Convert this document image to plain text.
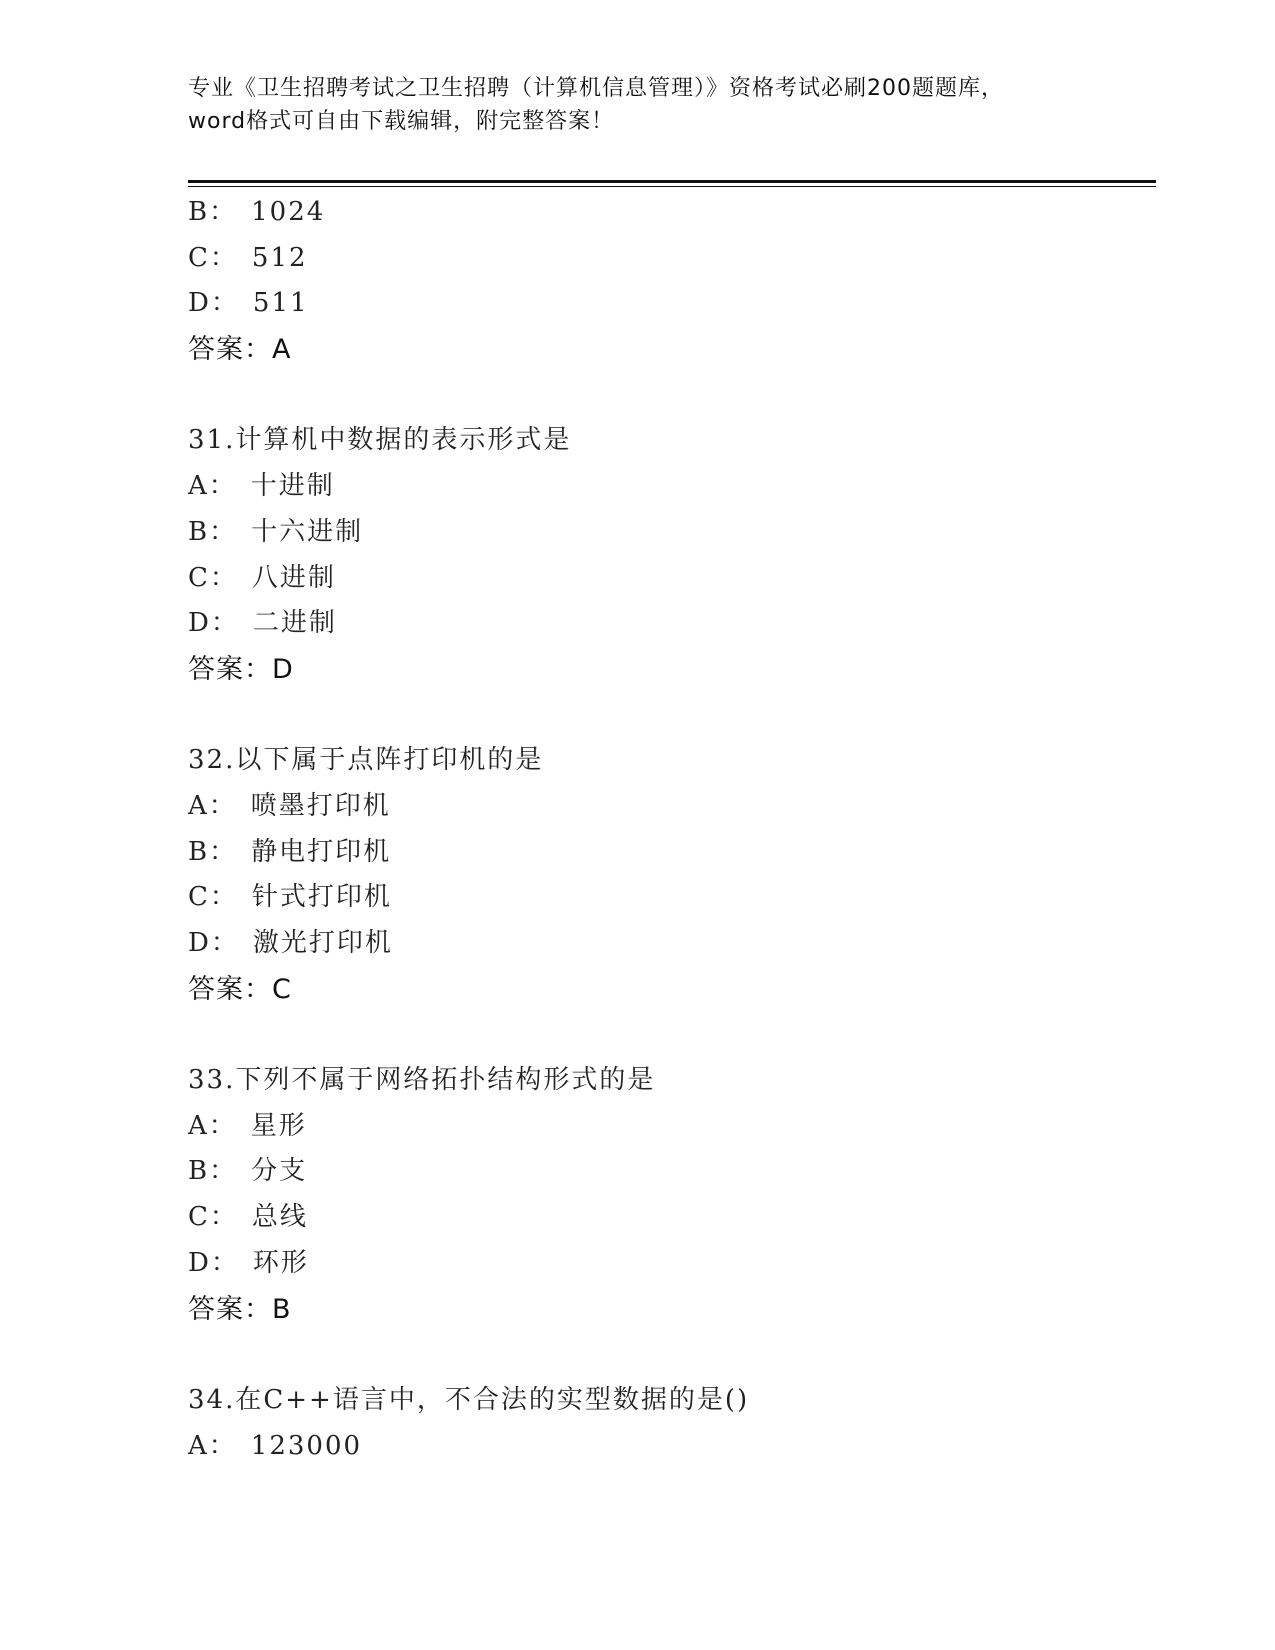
专业《卫生招聘考试之卫生招聘（计算机信息管理）》资格考试必刷200题题库，
word格式可自由下载编辑，附完整答案！
B： 1024
C： 512
D： 511
答案：A
31.计算机中数据的表示形式是
A： 十进制
B： 十六进制
C： 八进制
D： 二进制
答案：D
32.以下属于点阵打印机的是
A： 喷墨打印机
B： 静电打印机
C： 针式打印机
D： 激光打印机
答案：C
33.下列不属于网络拓扑结构形式的是
A： 星形
B： 分支
C： 总线
D： 环形
答案：B
34.在C++语言中，不合法的实型数据的是()
A： 123000
